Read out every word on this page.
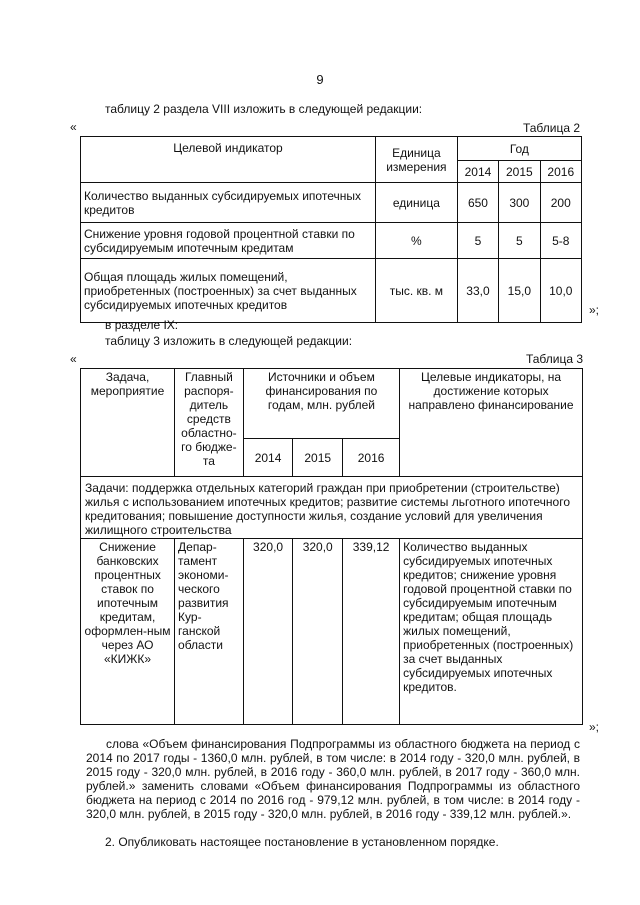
9
таблицу 2 раздела VIII изложить в следующей редакции:
«	Таблица 2
Целевой индикатор	Единица измерения	Год		
		2014	2015	2016
Количество выданных субсидируемых ипотечных кредитов	единица	650	300	200
Снижение уровня годовой процентной ставки по субсидируемым ипотечным кредитам	%	5	5	5-8
Общая площадь жилых помещений, приобретенных (построенных) за счет выданных субсидируемых ипотечных кредитов	тыс. кв. м	33,0	15,0	10,0
»;
в разделе IX:
таблицу 3 изложить в следующей редакции:
«	Таблица 3
Задача, мероприятие	Главный распоря-дитель средств областно-го бюдже-та	Источники и объем финансирования по годам, млн. рублей			Целевые индикаторы, на достижение которых направлено финансирование
		2014	2015	2016	
Задачи: поддержка отдельных категорий граждан при приобретении (строительстве) жилья с использованием ипотечных кредитов; развитие системы льготного ипотечного кредитования; повышение доступности жилья, создание условий для увеличения жилищного строительства					
Снижение банковских процентных ставок по ипотечным кредитам, оформлен-ным через АО «КИЖК»	Депар-тамент экономи-ческого развития Кур-ганской области	320,0	320,0	339,12	Количество выданных субсидируемых ипотечных кредитов; снижение уровня годовой процентной ставки по субсидируемым ипотечным кредитам; общая площадь жилых помещений, приобретенных (построенных) за счет выданных субсидируемых ипотечных кредитов.
»;
слова «Объем финансирования Подпрограммы из областного бюджета на период с 2014 по 2017 годы - 1360,0 млн. рублей, в том числе: в 2014 году - 320,0 млн. рублей, в 2015 году - 320,0 млн. рублей, в 2016 году - 360,0 млн. рублей, в 2017 году - 360,0 млн. рублей.» заменить словами «Объем финансирования Подпрограммы из областного бюджета на период с 2014 по 2016 год - 979,12 млн. рублей, в том числе: в 2014 году - 320,0 млн. рублей, в 2015 году - 320,0 млн. рублей, в 2016 году - 339,12 млн. рублей.».
2. Опубликовать настоящее постановление в установленном порядке.
